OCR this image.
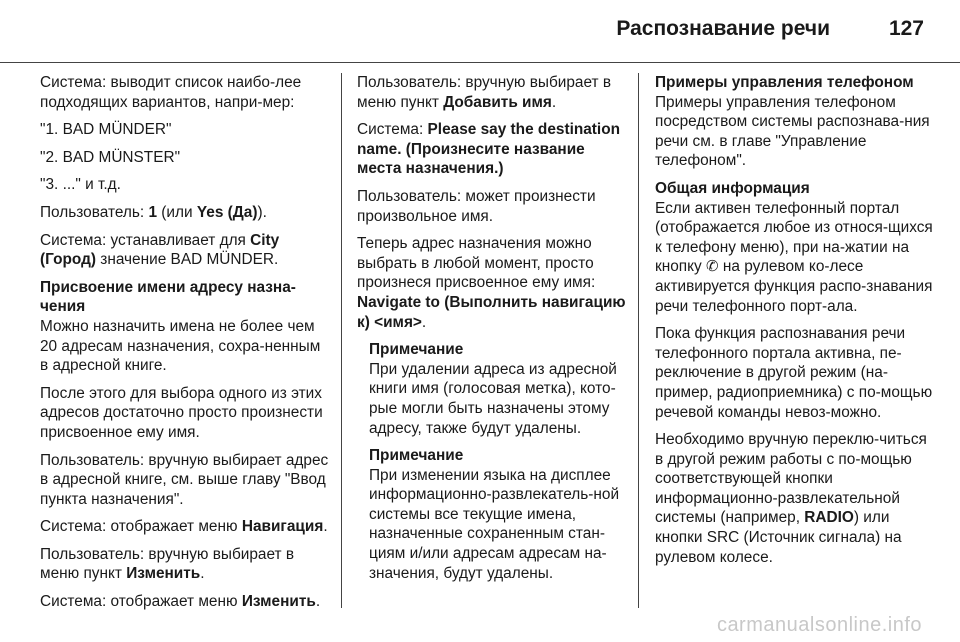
Распознавание речи	127

Система: выводит список наибо-лее подходящих вариантов, напри-мер:

"1. BAD MÜNDER"

"2. BAD MÜNSTER"

"3. ..." и т.д.

Пользователь: 1 (или Yes (Да)).

Система: устанавливает для City (Город) значение BAD MÜNDER.

Присвоение имени адресу назна-чения

Можно назначить имена не более чем 20 адресам назначения, сохра-ненным в адресной книге.

После этого для выбора одного из этих адресов достаточно просто произнести присвоенное ему имя.

Пользователь: вручную выбирает адрес в адресной книге, см. выше главу "Ввод пункта назначения".

Система: отображает меню Навигация.

Пользователь: вручную выбирает в меню пункт Изменить.

Система: отображает меню Изменить.

Пользователь: вручную выбирает в меню пункт Добавить имя.

Система: Please say the destination name. (Произнесите название места назначения.)

Пользователь: может произнести произвольное имя.

Теперь адрес назначения можно выбрать в любой момент, просто произнеся присвоенное ему имя: Navigate to (Выполнить навигацию к) <имя>.

Примечание
При удалении адреса из адресной книги имя (голосовая метка), кото-рые могли быть назначены этому адресу, также будут удалены.
Примечание
При изменении языка на дисплее информационно-развлекатель-ной системы все текущие имена, назначенные сохраненным стан-циям и/или адресам адресам на-значения, будут удалены.
Примеры управления телефоном

Примеры управления телефоном посредством системы распознава-ния речи см. в главе "Управление телефоном".

Общая информация

Если активен телефонный портал (отображается любое из относя-щихся к телефону меню), при на-жатии на кнопку ✆ на рулевом ко-лесе активируется функция распо-знавания речи телефонного порт-ала.

Пока функция распознавания речи телефонного портала активна, пе-реключение в другой режим (на-пример, радиоприемника) с по-мощью речевой команды невоз-можно.

Необходимо вручную переклю-читься в другой режим работы с по-мощью соответствующей кнопки информационно-развлекательной системы (например, RADIO) или кнопки SRC (Источник сигнала) на рулевом колесе.

carmanualsonline.info
